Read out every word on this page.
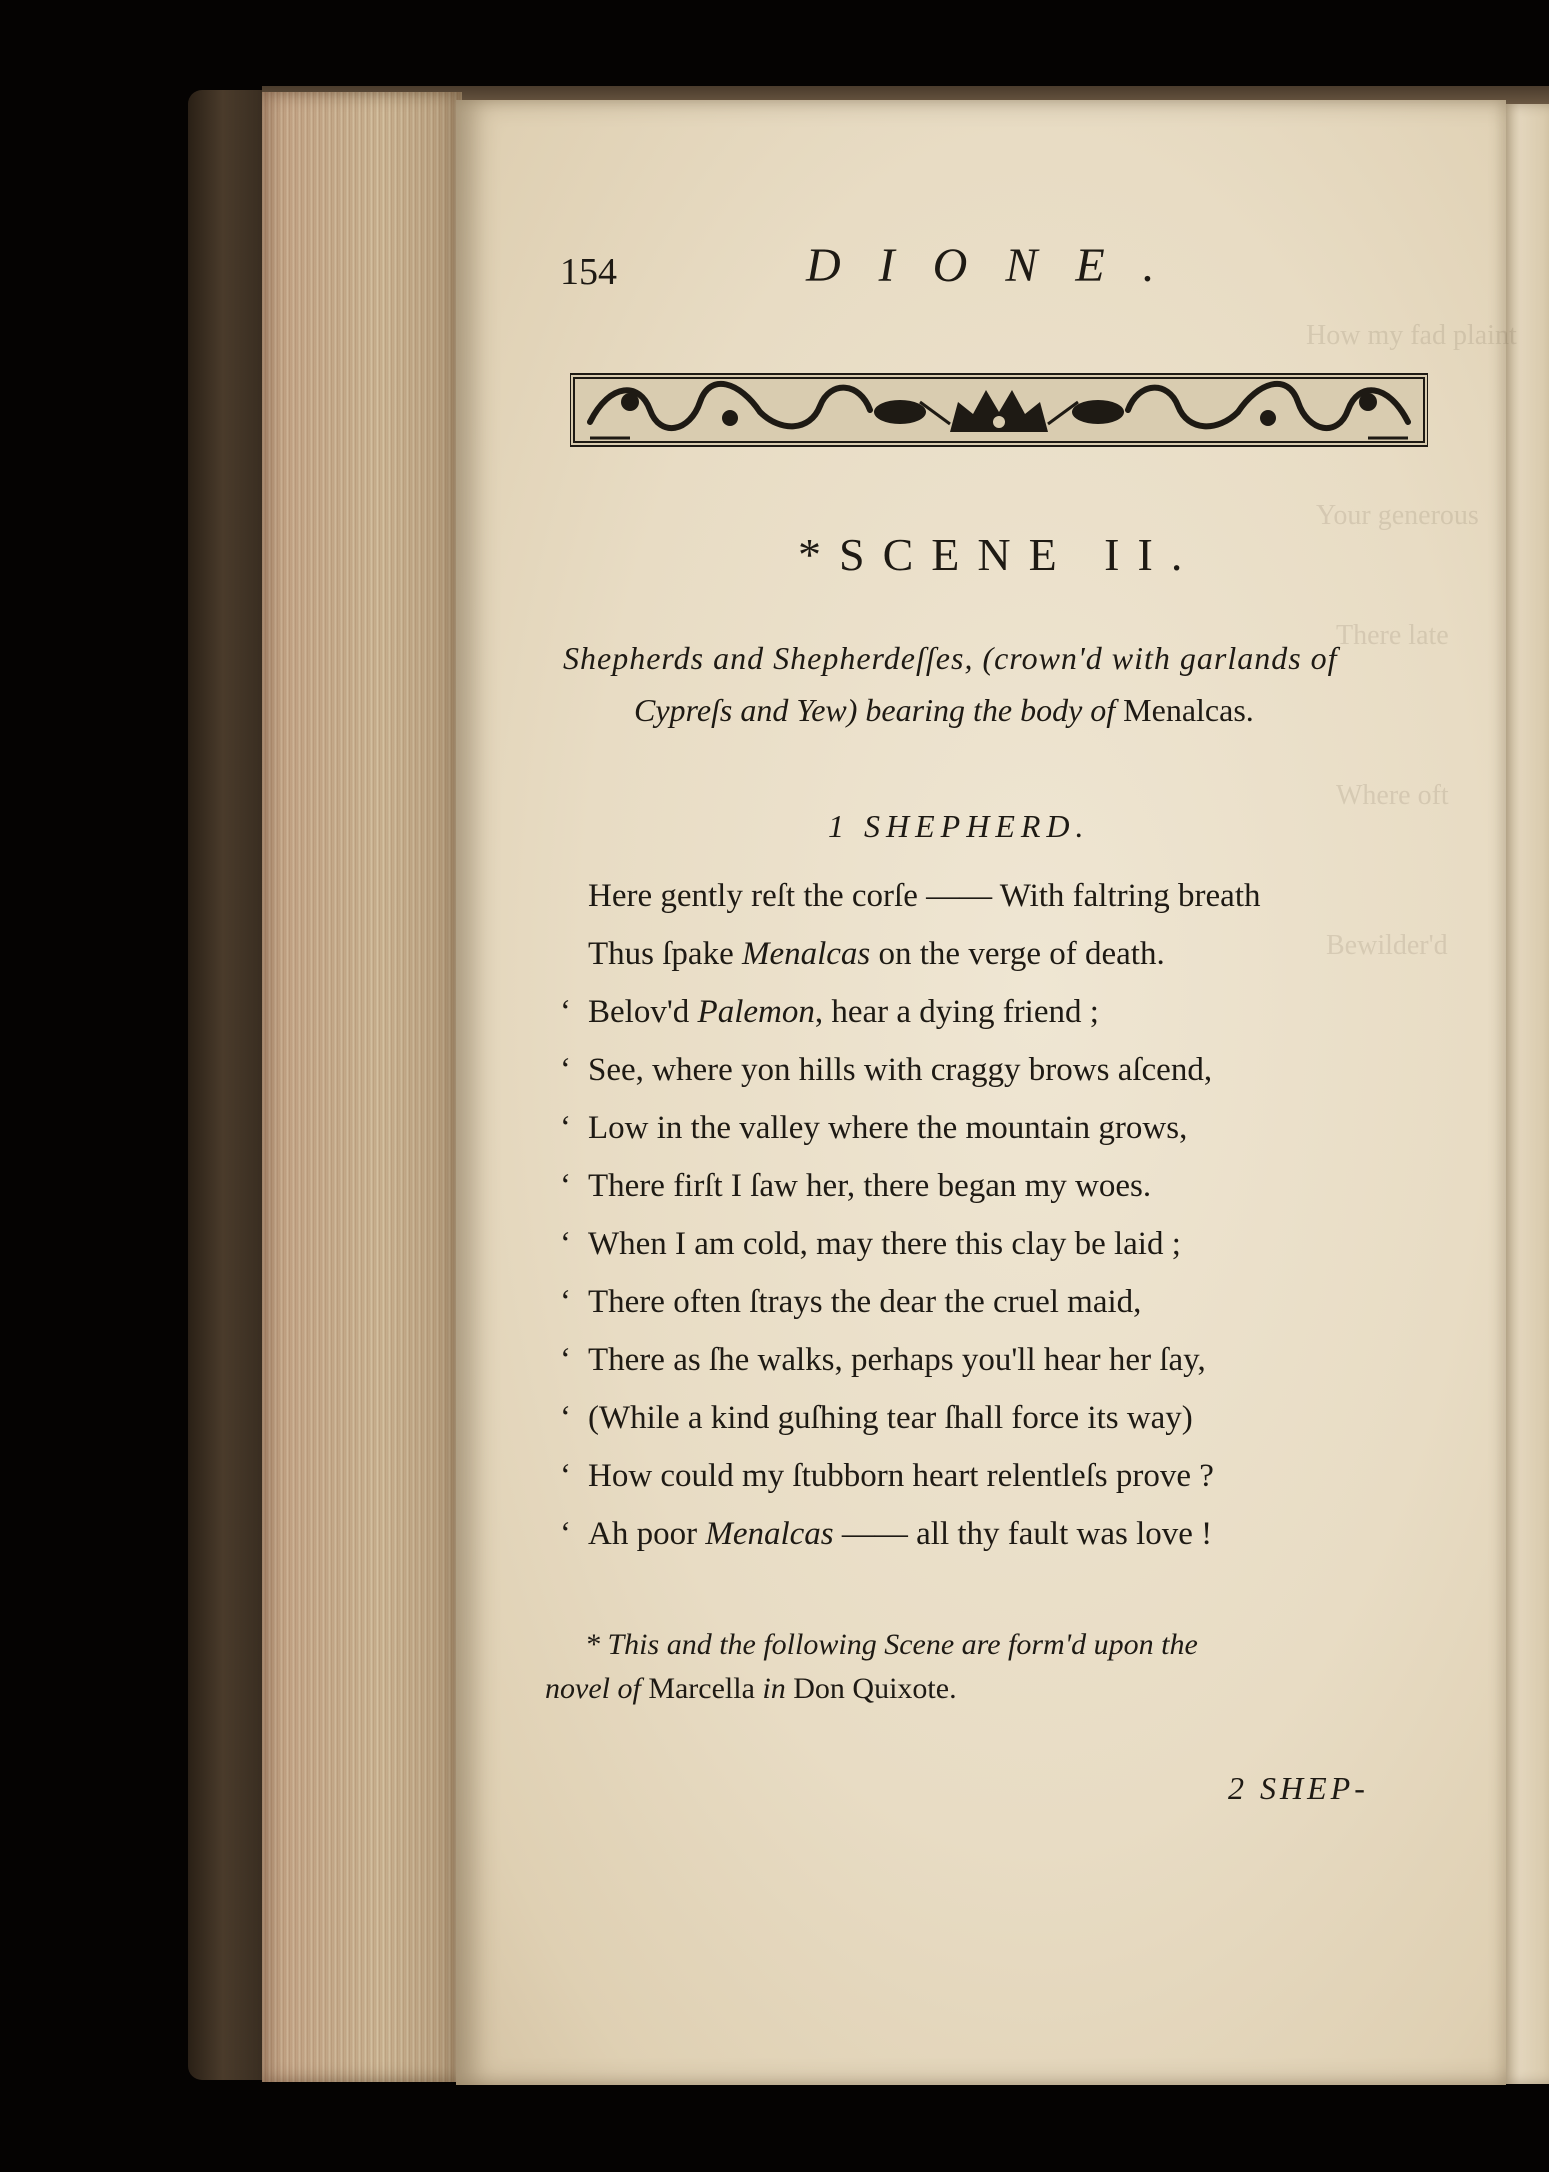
How my fad plaint
Your generous
There late
Where oft
Bewilder'd
154	DIONE.
*SCENE II.
Shepherds and Shepherdeſſes, (crown'd with garlands of
Cypreſs and Yew) bearing the body of Menalcas.
1 SHEPHERD.
Here gently reſt the corſe —— With faltring breath
Thus ſpake Menalcas on the verge of death.
‘ Belov'd Palemon, hear a dying friend ;
‘ See, where yon hills with craggy brows aſcend,
‘ Low in the valley where the mountain grows,
‘ There firſt I ſaw her, there began my woes.
‘ When I am cold, may there this clay be laid ;
‘ There often ſtrays the dear the cruel maid,
‘ There as ſhe walks, perhaps you'll hear her ſay,
‘ (While a kind guſhing tear ſhall force its way)
‘ How could my ſtubborn heart relentleſs prove ?
‘ Ah poor Menalcas —— all thy fault was love !
* This and the following Scene are form'd upon the
novel of Marcella in Don Quixote.
2 SHEP-
